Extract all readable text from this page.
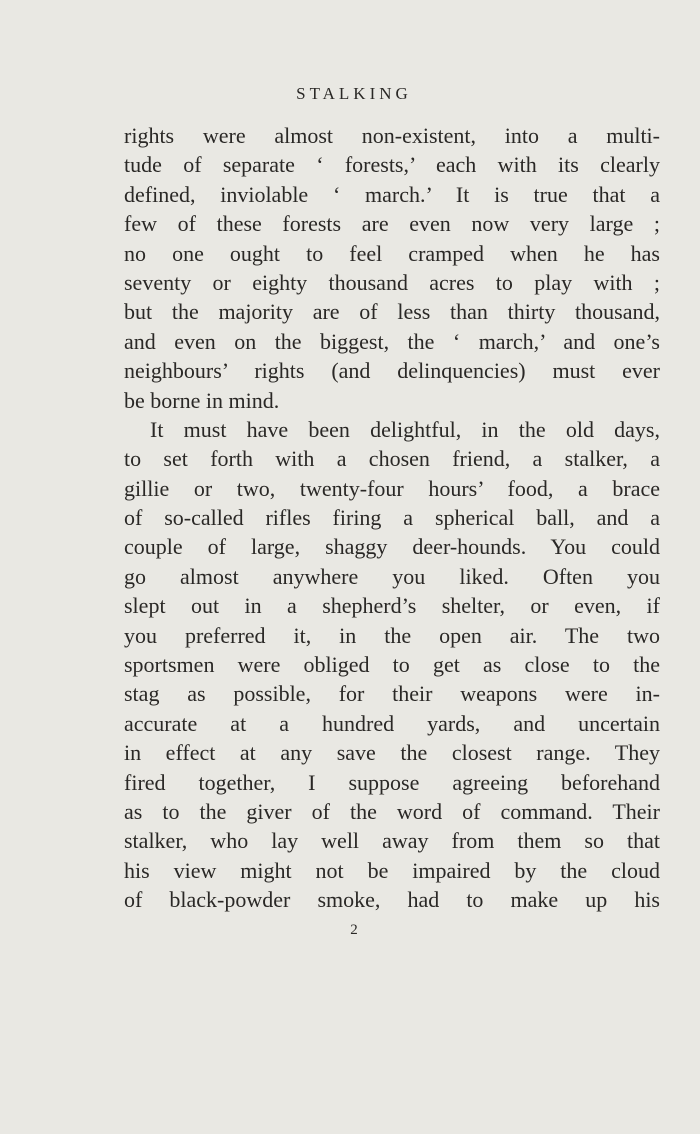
STALKING
rights were almost non-existent, into a multi-
tude of separate ‘ forests,’ each with its clearly
defined, inviolable ‘ march.’ It is true that a
few of these forests are even now very large ;
no one ought to feel cramped when he has
seventy or eighty thousand acres to play with ;
but the majority are of less than thirty thousand,
and even on the biggest, the ‘ march,’ and one’s
neighbours’ rights (and delinquencies) must ever
be borne in mind.
It must have been delightful, in the old days,
to set forth with a chosen friend, a stalker, a
gillie or two, twenty-four hours’ food, a brace
of so-called rifles firing a spherical ball, and a
couple of large, shaggy deer-hounds. You could
go almost anywhere you liked. Often you
slept out in a shepherd’s shelter, or even, if
you preferred it, in the open air. The two
sportsmen were obliged to get as close to the
stag as possible, for their weapons were in-
accurate at a hundred yards, and uncertain
in effect at any save the closest range. They
fired together, I suppose agreeing beforehand
as to the giver of the word of command. Their
stalker, who lay well away from them so that
his view might not be impaired by the cloud
of black-powder smoke, had to make up his
2
